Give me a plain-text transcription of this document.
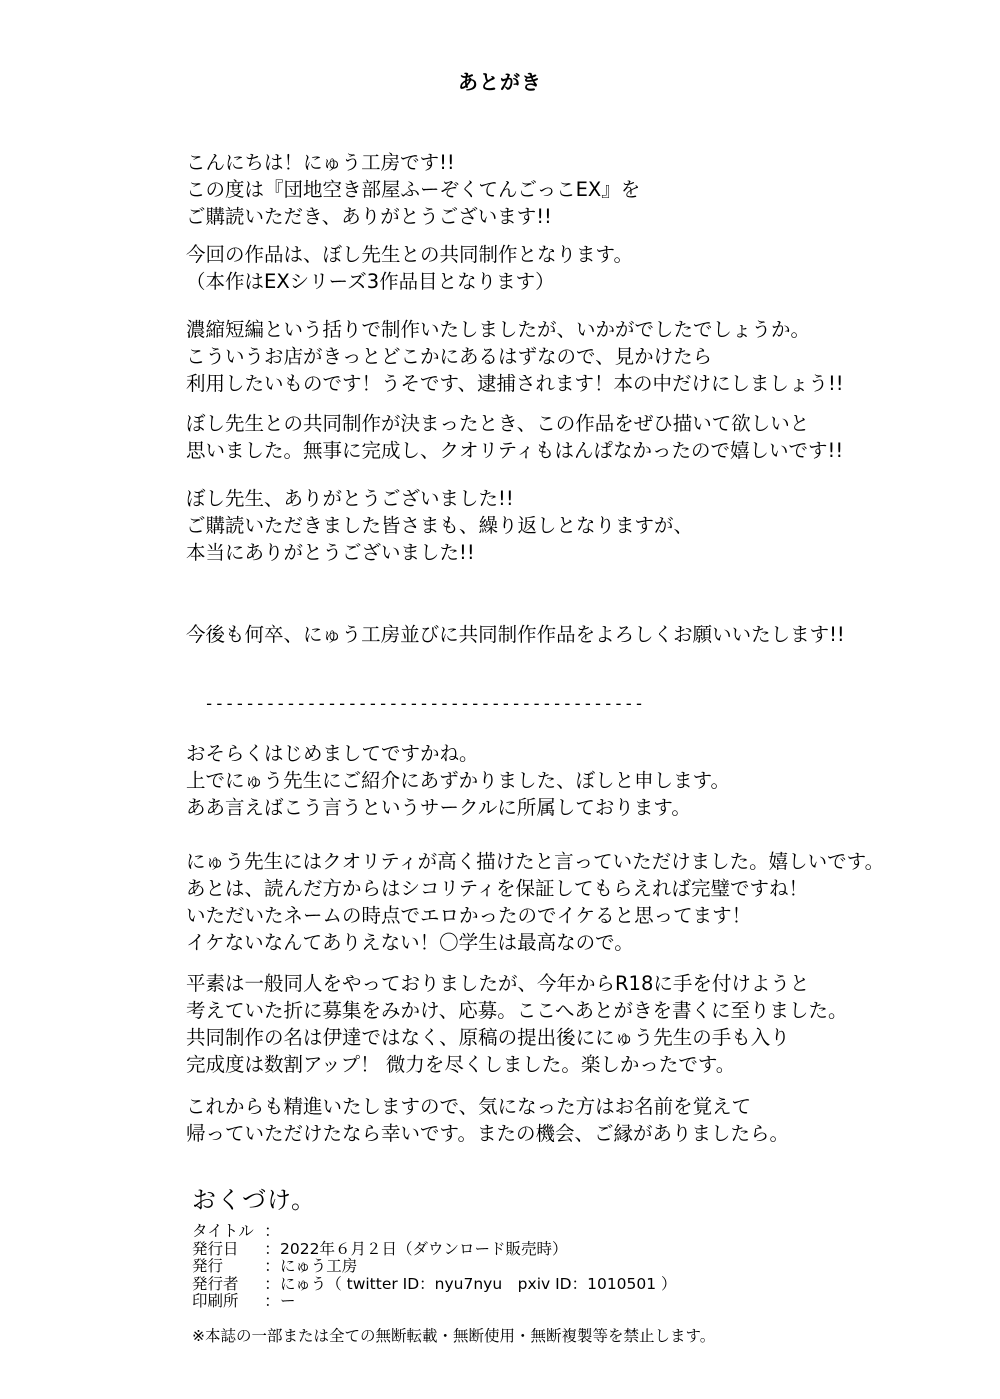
あとがき
こんにちは！にゅう工房です!!
この度は『団地空き部屋ふーぞくてんごっこEX』を
ご購読いただき、ありがとうございます!!
今回の作品は、ぼし先生との共同制作となります。
（本作はEXシリーズ3作品目となります）
濃縮短編という括りで制作いたしましたが、いかがでしたでしょうか。
こういうお店がきっとどこかにあるはずなので、見かけたら
利用したいものです！うそです、逮捕されます！本の中だけにしましょう!!
ぼし先生との共同制作が決まったとき、この作品をぜひ描いて欲しいと
思いました。無事に完成し、クオリティもはんぱなかったので嬉しいです!!
ぼし先生、ありがとうございました!!
ご購読いただきました皆さまも、繰り返しとなりますが、
本当にありがとうございました!!
今後も何卒、にゅう工房並びに共同制作作品をよろしくお願いいたします!!
-------------------------------------------
おそらくはじめましてですかね。
上でにゅう先生にご紹介にあずかりました、ぼしと申します。
ああ言えばこう言うというサークルに所属しております。
にゅう先生にはクオリティが高く描けたと言っていただけました。嬉しいです。
あとは、読んだ方からはシコリティを保証してもらえれば完璧ですね！
いただいたネームの時点でエロかったのでイケると思ってます！
イケないなんてありえない！〇学生は最高なので。
平素は一般同人をやっておりましたが、今年からR18に手を付けようと
考えていた折に募集をみかけ、応募。ここへあとがきを書くに至りました。
共同制作の名は伊達ではなく、原稿の提出後ににゅう先生の手も入り
完成度は数割アップ！ 微力を尽くしました。楽しかったです。
これからも精進いたしますので、気になった方はお名前を覚えて
帰っていただけたなら幸いです。またの機会、ご縁がありましたら。
おくづけ。
タイトル ：
発行日	： 2022年６月２日（ダウンロード販売時）
発行	： にゅう工房
発行者	： にゅう（ twitter ID：nyu7nyu　pxiv ID：1010501 ）
印刷所	： ー
※本誌の一部または全ての無断転載・無断使用・無断複製等を禁止します。
